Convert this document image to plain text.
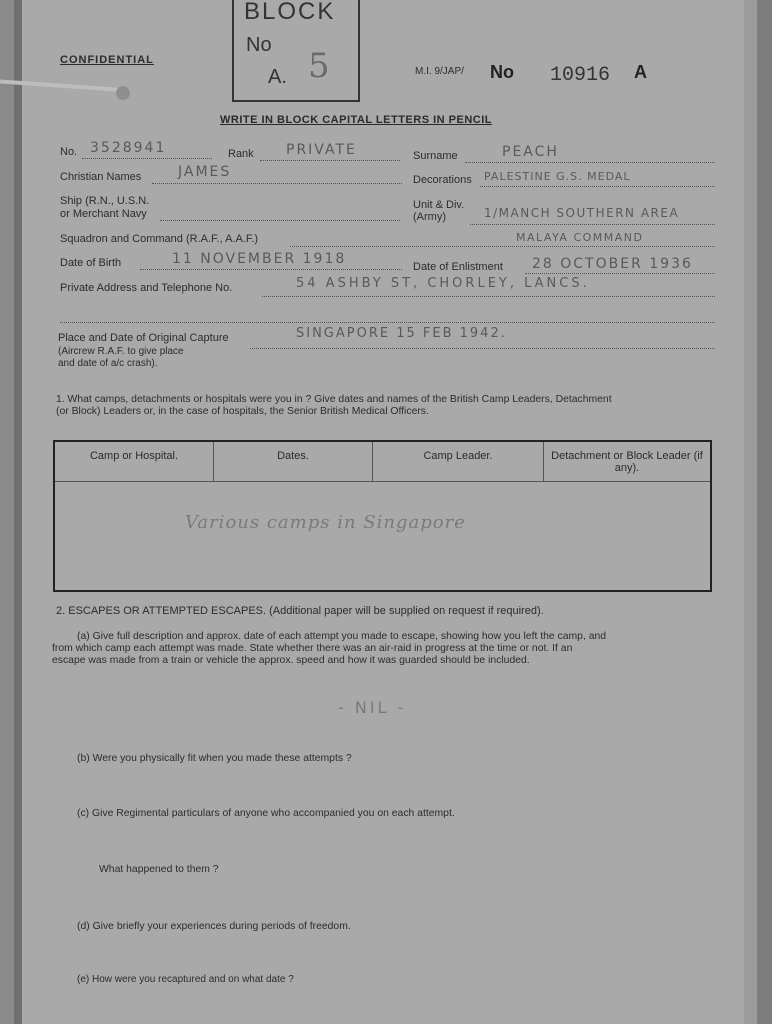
CONFIDENTIAL
BLOCK
No
A. 5	M.I. 9/JAP/ No 10916 A
WRITE IN BLOCK CAPITAL LETTERS IN PENCIL
No. 3528941	Rank PRIVATE	Surname	PEACH
Christian Names	JAMES	Decorations PALESTINE G.S. MEDAL
Ship (R.N., U.S.N.
or Merchant Navy
Unit & Div.
(Army)	1/MANCH SOUTHERN AREA
Squadron and Command (R.A.F., A.A.F.)	MALAYA COMMAND
Date of Birth	11 NOVEMBER 1918	Date of Enlistment 28 OCTOBER 1936
Private Address and Telephone No.	54 ASHBY ST, CHORLEY, LANCS.
Place and Date of Original Capture
(Aircrew R.A.F. to give place
and date of a/c crash).
SINGAPORE 15 FEB 1942.
1. What camps, detachments or hospitals were you in ? Give dates and names of the British Camp Leaders, Detachment
(or Block) Leaders or, in the case of hospitals, the Senior British Medical Officers.
Camp or Hospital.	Dates.	Camp Leader.	Detachment or Block Leader (if any).

Various camps in Singapore
2. ESCAPES OR ATTEMPTED ESCAPES. (Additional paper will be supplied on request if required).
(a) Give full description and approx. date of each attempt you made to escape, showing how you left the camp, and
from which camp each attempt was made. State whether there was an air-raid in progress at the time or not. If an
escape was made from a train or vehicle the approx. speed and how it was guarded should be included.
- NIL -
(b) Were you physically fit when you made these attempts ?
(c) Give Regimental particulars of anyone who accompanied you on each attempt.
What happened to them ?
(d) Give briefly your experiences during periods of freedom.
(e) How were you recaptured and on what date ?
